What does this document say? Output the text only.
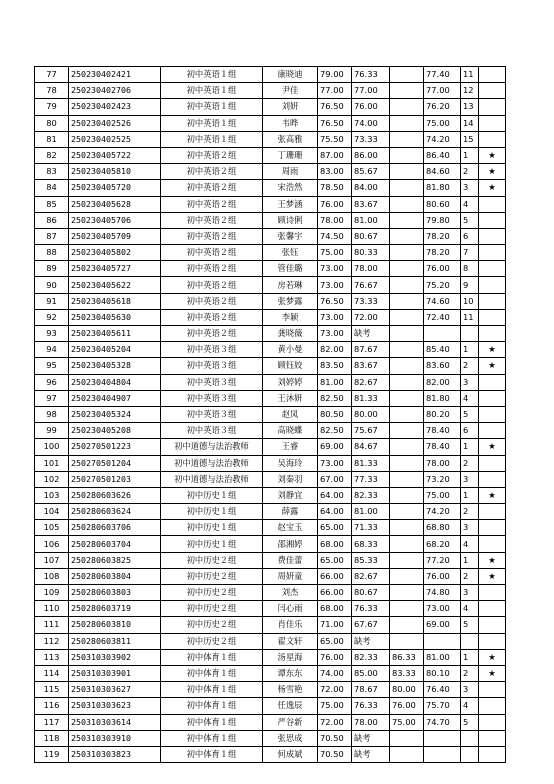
77	250230402421	初中英语１组	康晓迪	79.00	76.33		77.40	11	
78	250230402706	初中英语１组	尹佳	77.00	77.00		77.00	12	
79	250230402423	初中英语１组	刘妍	76.50	76.00		76.20	13	
80	250230402526	初中英语１组	韦晔	76.50	74.00		75.00	14	
81	250230402525	初中英语１组	张高雅	75.50	73.33		74.20	15	
82	250230405722	初中英语２组	丁珊珊	87.00	86.00		86.40	1	★
83	250230405810	初中英语２组	周雨	83.00	85.67		84.60	2	★
84	250230405720	初中英语２组	宋浩然	78.50	84.00		81.80	3	★
85	250230405628	初中英语２组	王梦涵	76.00	83.67		80.60	4	
86	250230405706	初中英语２组	顾诗俐	78.00	81.00		79.80	5	
87	250230405709	初中英语２组	张馨宇	74.50	80.67		78.20	6	
88	250230405802	初中英语２组	张钰	75.00	80.33		78.20	7	
89	250230405727	初中英语２组	管佳璐	73.00	78.00		76.00	8	
90	250230405622	初中英语２组	房若琳	73.00	76.67		75.20	9	
91	250230405618	初中英语２组	张梦露	76.50	73.33		74.60	10	
92	250230405630	初中英语２组	李颖	73.00	72.00		72.40	11	
93	250230405611	初中英语２组	龚晓薇	73.00	缺考				
94	250230405204	初中英语３组	黄小曼	82.00	87.67		85.40	1	★
95	250230405328	初中英语３组	顾钰姣	83.50	83.67		83.60	2	★
96	250230404804	初中英语３组	刘婷婷	81.00	82.67		82.00	3	
97	250230404907	初中英语３组	王沐妍	82.50	81.33		81.80	4	
98	250230405324	初中英语３组	赵凤	80.50	80.00		80.20	5	
99	250230405208	初中英语３组	高晓蝶	82.50	75.67		78.40	6	
100	250270501223	初中道德与法治教师	王睿	69.00	84.67		78.40	1	★
101	250270501204	初中道德与法治教师	吴海玲	73.00	81.33		78.00	2	
102	250270501203	初中道德与法治教师	刘秦羽	67.00	77.33		73.20	3	
103	250280603626	初中历史１组	刘静宜	64.00	82.33		75.00	1	★
104	250280603624	初中历史１组	薛露	64.00	81.00		74.20	2	
105	250280603706	初中历史１组	赵宝玉	65.00	71.33		68.80	3	
106	250280603704	初中历史１组	邵湘婷	68.00	68.33		68.20	4	
107	250280603825	初中历史２组	费佳蕾	65.00	85.33		77.20	1	★
108	250280603804	初中历史２组	周妍童	66.00	82.67		76.00	2	★
109	250280603803	初中历史２组	刘杰	66.00	80.67		74.80	3	
110	250280603719	初中历史２组	闫心雨	68.00	76.33		73.00	4	
111	250280603810	初中历史２组	肖佳乐	71.00	67.67		69.00	5	
112	250280603811	初中历史２组	翟文轩	65.00	缺考				
113	250310303902	初中体育１组	汤星海	76.00	82.33	86.33	81.00	1	★
114	250310303901	初中体育１组	谭东东	74.00	85.00	83.33	80.10	2	★
115	250310303627	初中体育１组	杨雪艳	72.00	78.67	80.00	76.40	3	
116	250310303623	初中体育１组	任逸辰	75.00	76.33	76.00	75.70	4	
117	250310303614	初中体育１组	严谷新	72.00	78.00	75.00	74.70	5	
118	250310303910	初中体育１组	张思成	70.50	缺考				
119	250310303823	初中体育１组	何成斌	70.50	缺考				
